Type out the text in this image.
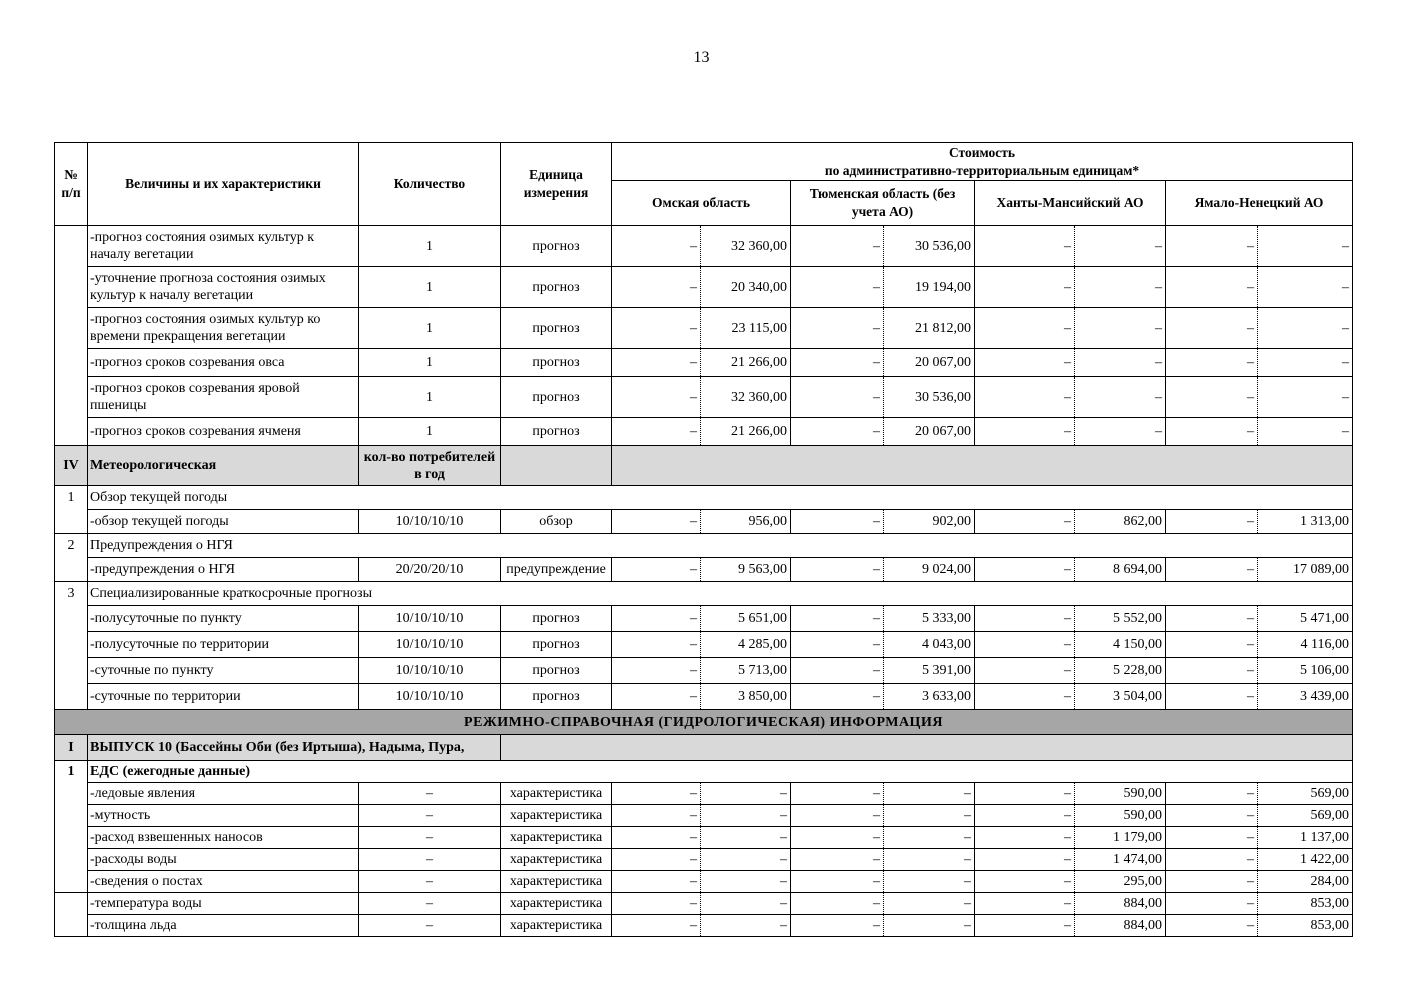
13
№ п/п	Величины и их характеристики	Количество	Единица измерения	Стоимость
по административно-территориальным единицам*							

				Омская область		Тюменская область (без учета АО)		Ханты-Мансийский АО		Ямало-Ненецкий АО	
	-прогноз состояния озимых культур к началу вегетации	1	прогноз	–	32 360,00	–	30 536,00	–	–	–	–
	-уточнение прогноза состояния озимых культур к началу вегетации	1	прогноз	–	20 340,00	–	19 194,00	–	–	–	–
	-прогноз состояния озимых культур ко времени прекращения вегетации	1	прогноз	–	23 115,00	–	21 812,00	–	–	–	–
	-прогноз сроков созревания овса	1	прогноз	–	21 266,00	–	20 067,00	–	–	–	–
	-прогноз сроков созревания яровой пшеницы	1	прогноз	–	32 360,00	–	30 536,00	–	–	–	–
	-прогноз сроков созревания ячменя	1	прогноз	–	21 266,00	–	20 067,00	–	–	–	–
IV	Метеорологическая	кол-во потребителей в год									
1	Обзор текущей погоды										
	-обзор текущей погоды	10/10/10/10	обзор	–	956,00	–	902,00	–	862,00	–	1 313,00
2	Предупреждения о НГЯ										
	-предупреждения о НГЯ	20/20/20/10	предупреждение	–	9 563,00	–	9 024,00	–	8 694,00	–	17 089,00
3	Специализированные краткосрочные прогнозы										
	-полусуточные по пункту	10/10/10/10	прогноз	–	5 651,00	–	5 333,00	–	5 552,00	–	5 471,00
	-полусуточные по территории	10/10/10/10	прогноз	–	4 285,00	–	4 043,00	–	4 150,00	–	4 116,00
	-суточные по пункту	10/10/10/10	прогноз	–	5 713,00	–	5 391,00	–	5 228,00	–	5 106,00
	-суточные по территории	10/10/10/10	прогноз	–	3 850,00	–	3 633,00	–	3 504,00	–	3 439,00
РЕЖИМНО-СПРАВОЧНАЯ (ГИДРОЛОГИЧЕСКАЯ) ИНФОРМАЦИЯ											
I	ВЫПУСК 10 (Бассейны Оби (без Иртыша), Надыма, Пура,										
1	ЕДС (ежегодные данные)										
	-ледовые явления	–	характеристика	–	–	–	–	–	590,00	–	569,00
	-мутность	–	характеристика	–	–	–	–	–	590,00	–	569,00
	-расход взвешенных наносов	–	характеристика	–	–	–	–	–	1 179,00	–	1 137,00
	-расходы воды	–	характеристика	–	–	–	–	–	1 474,00	–	1 422,00
	-сведения о постах	–	характеристика	–	–	–	–	–	295,00	–	284,00
	-температура воды	–	характеристика	–	–	–	–	–	884,00	–	853,00
	-толщина льда	–	характеристика	–	–	–	–	–	884,00	–	853,00
